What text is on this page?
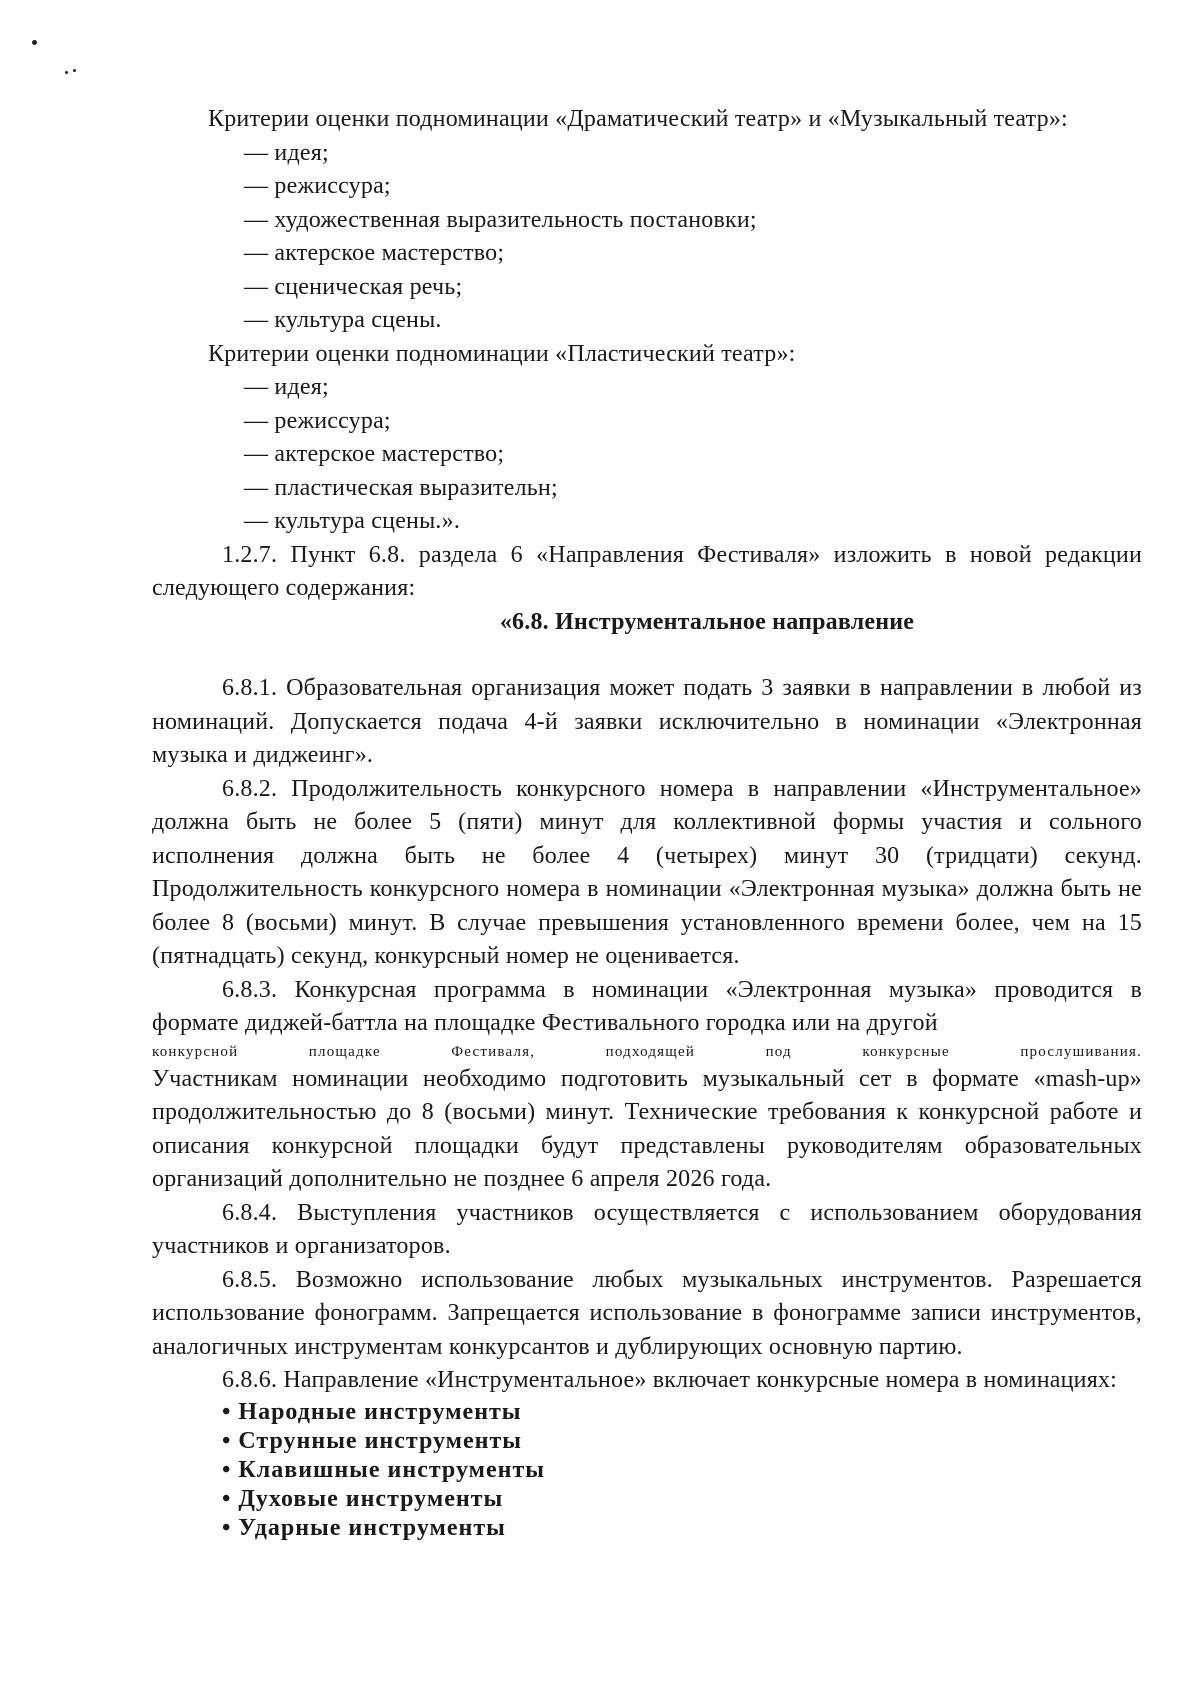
Критерии оценки подноминации «Драматический театр» и «Музыкальный театр»:

— идея;

— режиссура;

— художественная выразительность постановки;

— актерское мастерство;

— сценическая речь;

— культура сцены.

Критерии оценки подноминации «Пластический театр»:

— идея;

— режиссура;

— актерское мастерство;

— пластическая выразительн;

— культура сцены.».

1.2.7. Пункт 6.8. раздела 6 «Направления Фестиваля» изложить в новой редакции следующего содержания:

«6.8. Инструментальное направление

6.8.1. Образовательная организация может подать 3 заявки в направлении в любой из номинаций. Допускается подача 4-й заявки исключительно в номинации «Электронная музыка и диджеинг».

6.8.2. Продолжительность конкурсного номера в направлении «Инструментальное» должна быть не более 5 (пяти) минут для коллективной формы участия и сольного исполнения должна быть не более 4 (четырех) минут 30 (тридцати) секунд. Продолжительность конкурсного номера в номинации «Электронная музыка» должна быть не более 8 (восьми) минут. В случае превышения установленного времени более, чем на 15 (пятнадцать) секунд, конкурсный номер не оценивается.

6.8.3. Конкурсная программа в номинации «Электронная музыка» проводится в формате диджей-баттла на площадке Фестивального городка или на другой

конкурсной площадке Фестиваля, подходящей под конкурсные прослушивания.

Участникам номинации необходимо подготовить музыкальный сет в формате «mash-up» продолжительностью до 8 (восьми) минут. Технические требования к конкурсной работе и описания конкурсной площадки будут представлены руководителям образовательных организаций дополнительно не позднее 6 апреля 2026 года.

6.8.4. Выступления участников осуществляется с использованием оборудования участников и организаторов.

6.8.5. Возможно использование любых музыкальных инструментов. Разрешается использование фонограмм. Запрещается использование в фонограмме записи инструментов, аналогичных инструментам конкурсантов и дублирующих основную партию.

6.8.6. Направление «Инструментальное» включает конкурсные номера в номинациях:

• Народные инструменты

• Струнные инструменты

• Клавишные инструменты

• Духовые инструменты

• Ударные инструменты
